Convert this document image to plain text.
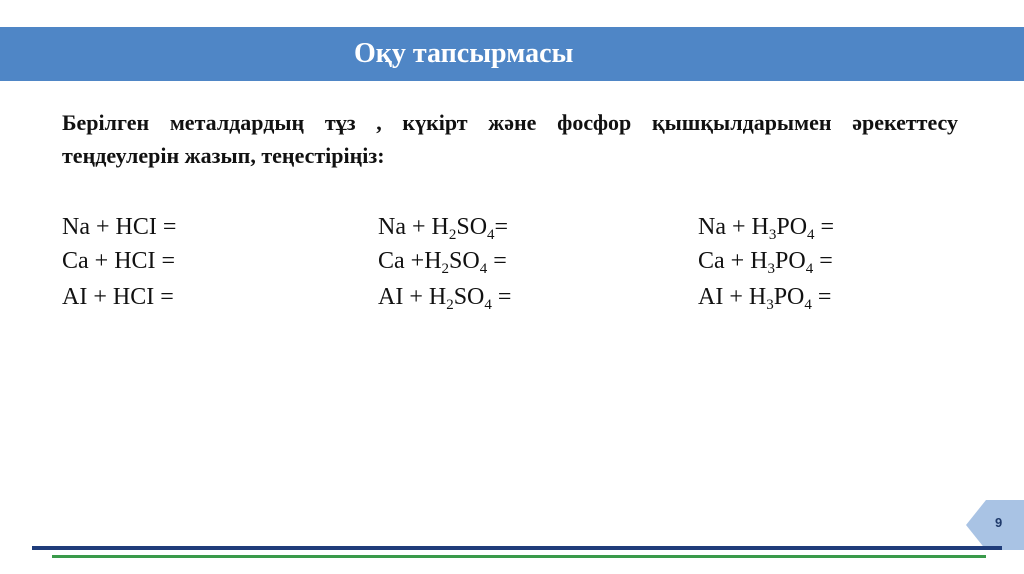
Оқу тапсырмасы
Берілген металдардың тұз , күкірт және фосфор қышқылдарымен әрекеттесу теңдеулерін жазып, теңестіріңіз:
Na + HCI =	$Na + H_2SO_4=$	$Na + H_3PO_4$ =
Ca + HCI =	$Ca +H_2SO_4$ =	$Ca + H_3PO_4$ =
AI + HCI =	AI + $H_2SO_4$ =	AI + $H_3PO_4$ =
9
